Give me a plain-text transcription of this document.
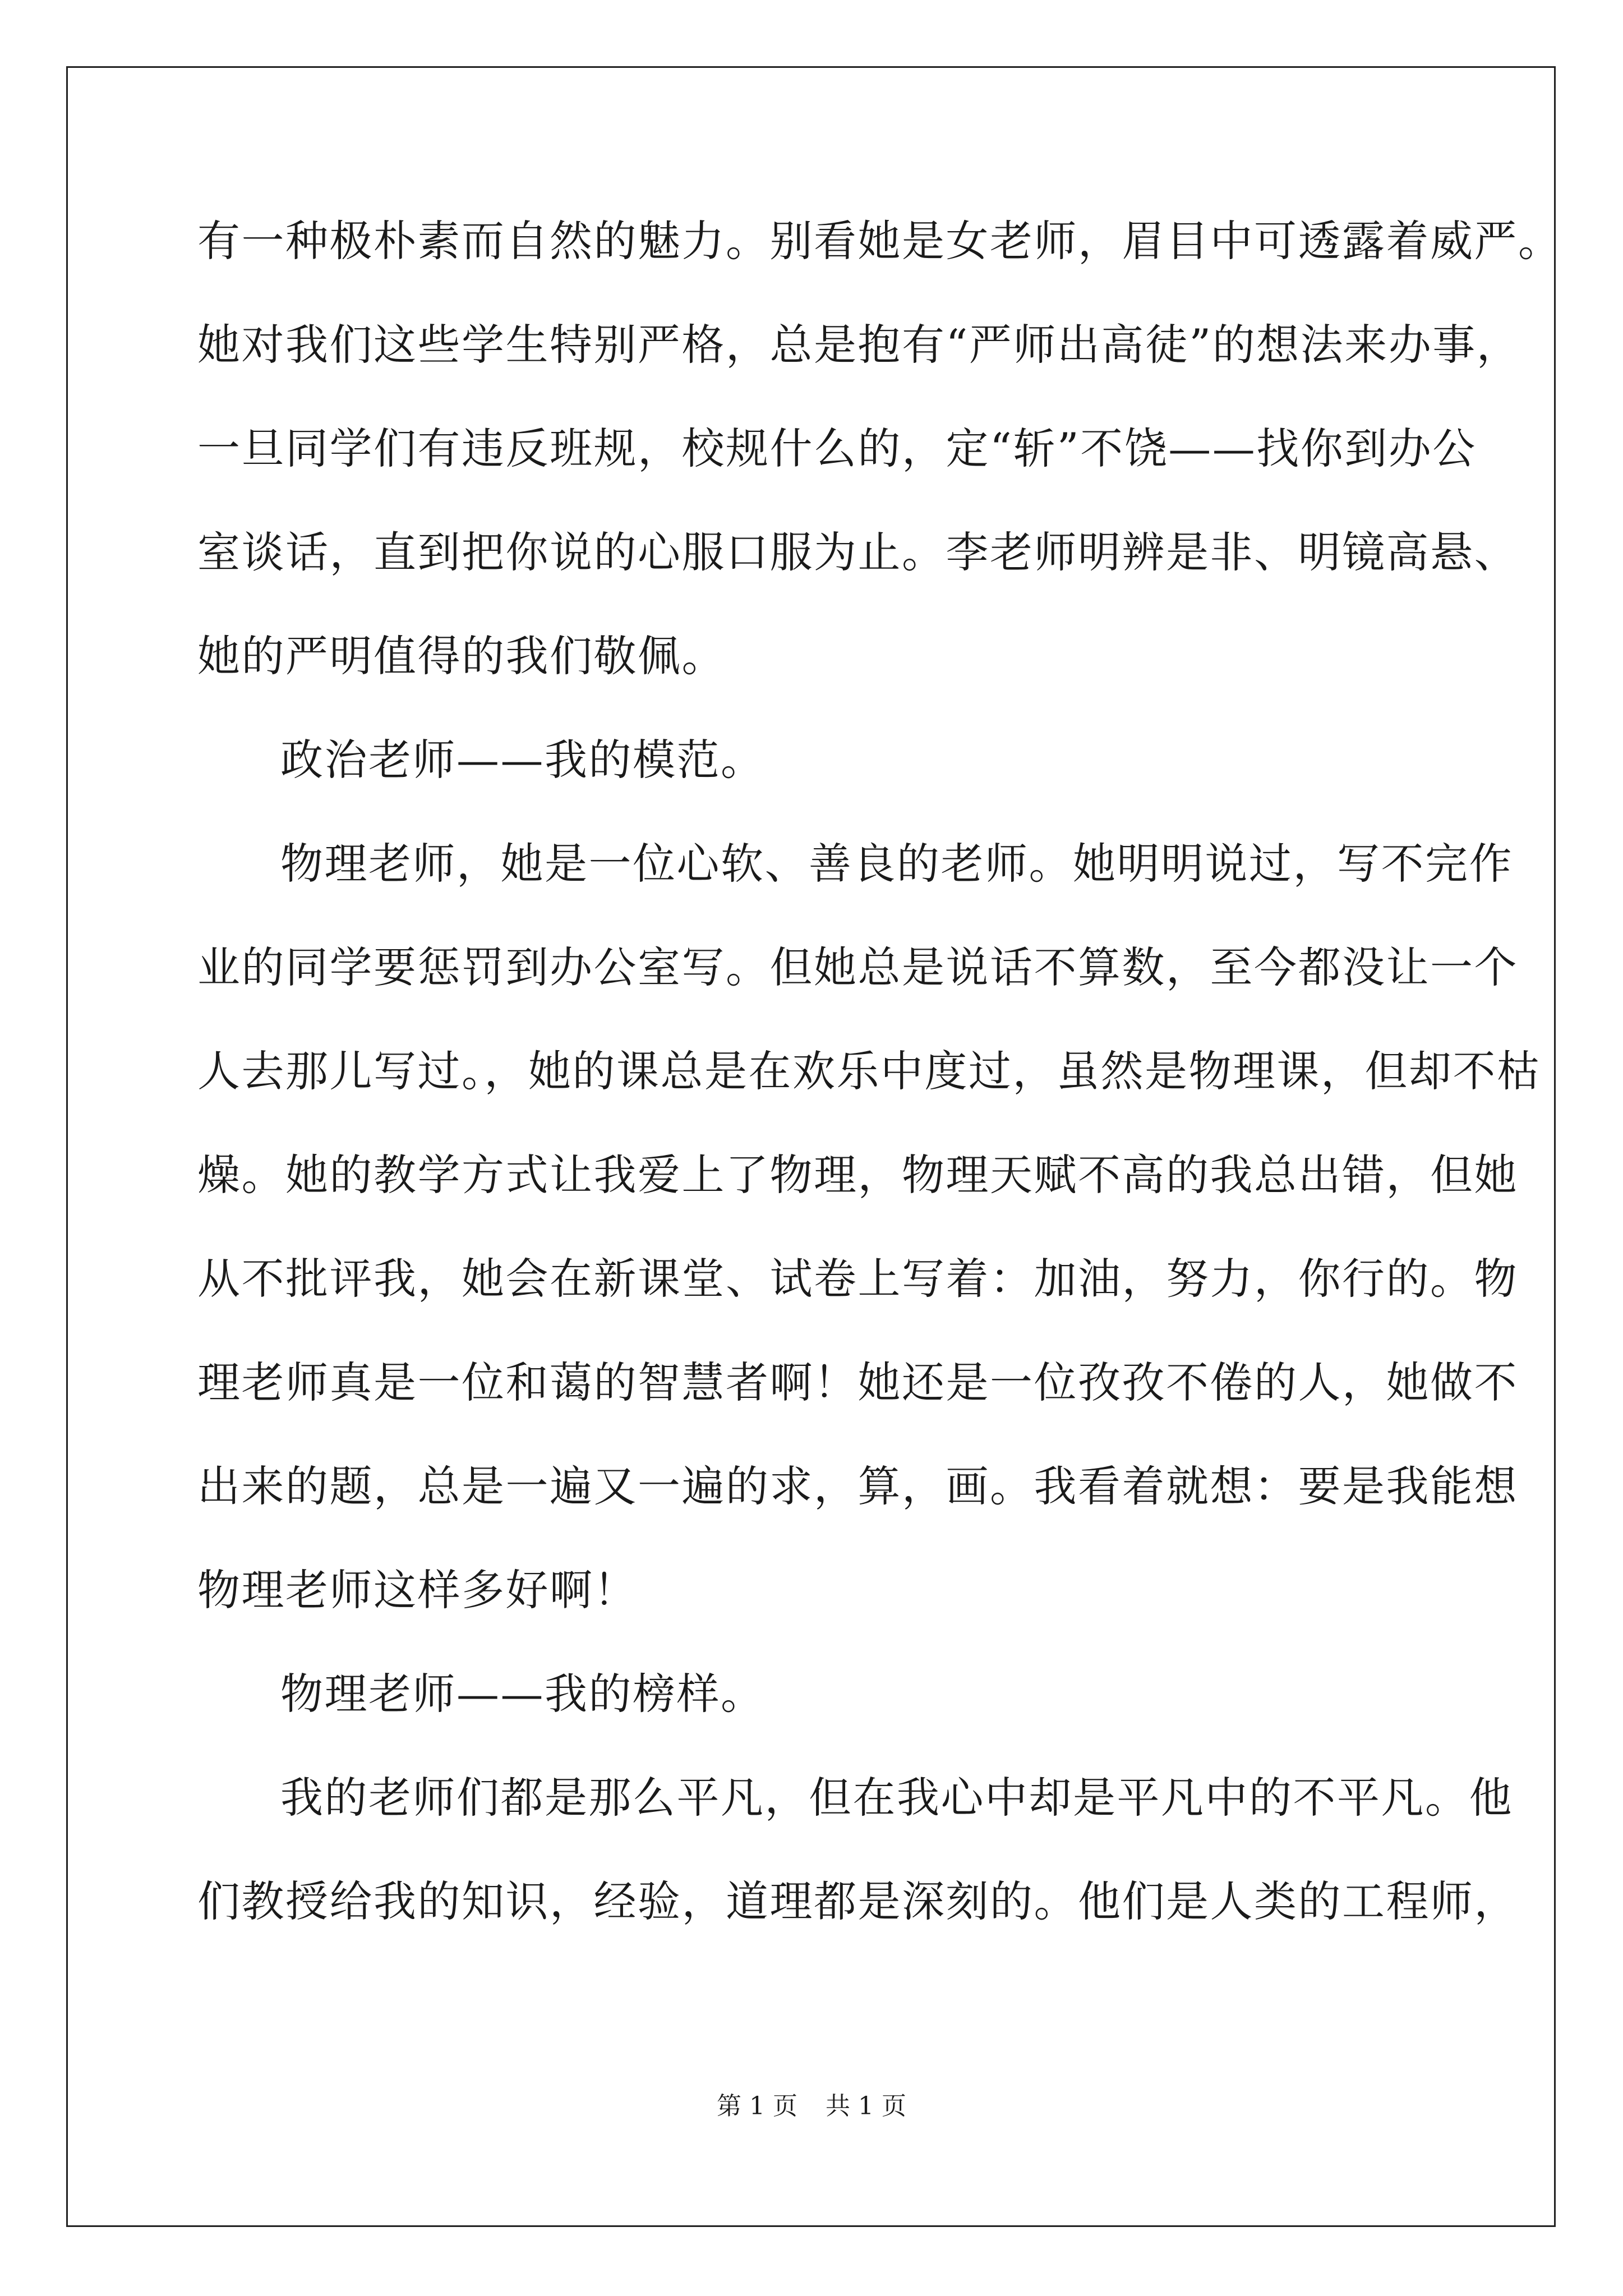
有一种极朴素而自然的魅力。别看她是女老师，眉目中可透露着威严。
她对我们这些学生特别严格，总是抱有“严师出高徒”的想法来办事，
一旦同学们有违反班规，校规什么的，定“斩”不饶——找你到办公
室谈话，直到把你说的心服口服为止。李老师明辨是非、明镜高悬、
她的严明值得的我们敬佩。
政治老师——我的模范。
物理老师，她是一位心软、善良的老师。她明明说过，写不完作
业的同学要惩罚到办公室写。但她总是说话不算数，至今都没让一个
人去那儿写过。，她的课总是在欢乐中度过，虽然是物理课，但却不枯
燥。她的教学方式让我爱上了物理，物理天赋不高的我总出错，但她
从不批评我，她会在新课堂、试卷上写着：加油，努力，你行的。物
理老师真是一位和蔼的智慧者啊！她还是一位孜孜不倦的人，她做不
出来的题，总是一遍又一遍的求，算，画。我看着就想：要是我能想
物理老师这样多好啊！
物理老师——我的榜样。
我的老师们都是那么平凡，但在我心中却是平凡中的不平凡。他
们教授给我的知识，经验，道理都是深刻的。他们是人类的工程师，
第 1 页 共 1 页
